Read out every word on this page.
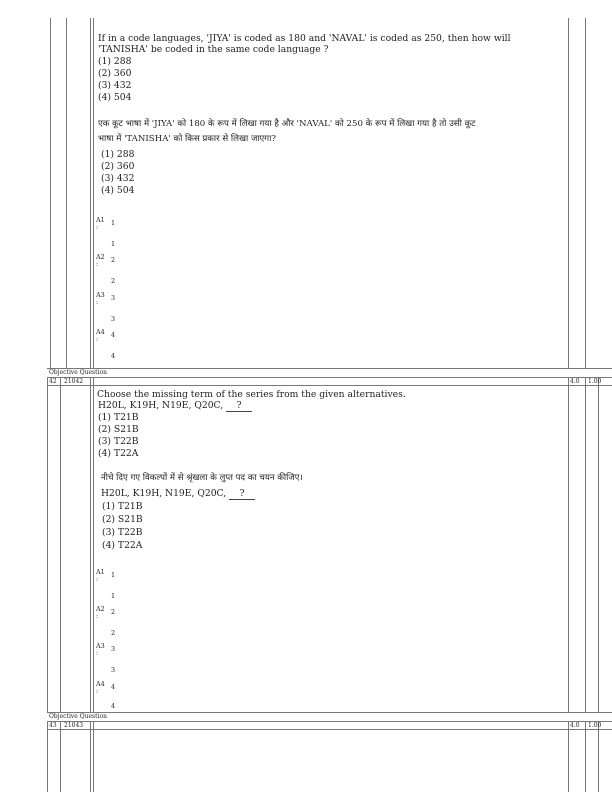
If in a code languages, 'JIYA' is coded as 180 and 'NAVAL' is coded as 250, then how will
'TANISHA' be coded in the same code language ?
(1) 288
(2) 360
(3) 432
(4) 504
एक कूट भाषा में 'JIYA' को 180 के रूप में लिखा गया है और 'NAVAL' को 250 के रूप में लिखा गया है तो उसी कूट
भाषा में 'TANISHA' को किस प्रकार से लिखा जाएगा?
(1) 288
(2) 360
(3) 432
(4) 504
A1 1
:
1
A2 2
:
2
A3 3
:
3
A4 4
:
4
Objective Question
42 21042	4.0 1.00
Choose the missing term of the series from the given alternatives.
H20L, K19H, N19E, Q20C, ?
(1) T21B
(2) S21B
(3) T22B
(4) T22A
नीचे दिए गए विकल्पों में से श्रृंखला के लुप्त पद का चयन कीजिए।
H20L, K19H, N19E, Q20C, ?
(1) T21B
(2) S21B
(3) T22B
(4) T22A
A1 1
:
1
A2 2
:
2
A3 3
:
3
A4 4
:
4
Objective Question
43 21043	4.0 1.00
